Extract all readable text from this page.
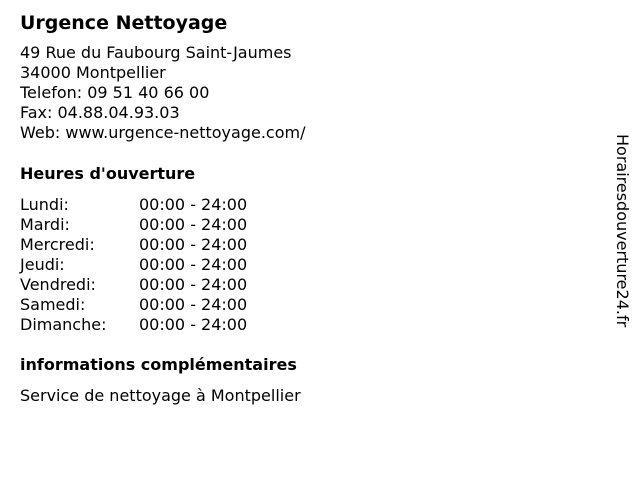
Urgence Nettoyage
49 Rue du Faubourg Saint-Jaumes
34000 Montpellier
Telefon: 09 51 40 66 00
Fax: 04.88.04.93.03
Web: www.urgence-nettoyage.com/
Heures d'ouverture
Lundi:	00:00 - 24:00
Mardi:	00:00 - 24:00
Mercredi:	00:00 - 24:00
Jeudi:	00:00 - 24:00
Vendredi:	00:00 - 24:00
Samedi:	00:00 - 24:00
Dimanche:	00:00 - 24:00
informations complémentaires
Service de nettoyage à Montpellier
Horairesdouverture24.fr
